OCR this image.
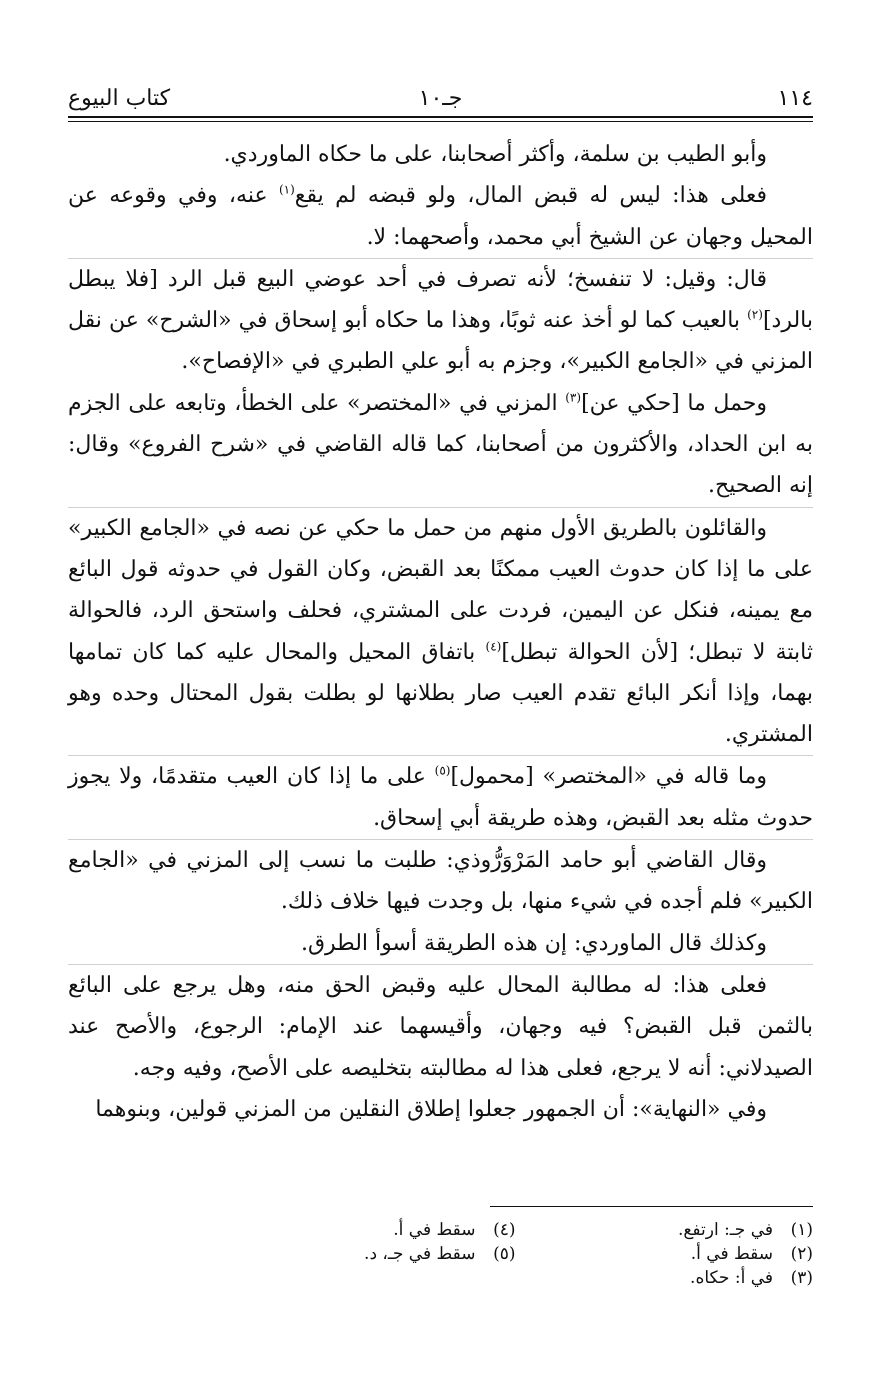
١١٤
جـ١٠
كتاب البيوع

وأبو الطيب بن سلمة، وأكثر أصحابنا، على ما حكاه الماوردي.

فعلى هذا: ليس له قبض المال، ولو قبضه لم يقع$^{(١)}$ عنه، وفي وقوعه عن المحيل وجهان عن الشيخ أبي محمد، وأصحهما: لا.

قال: وقيل: لا تنفسخ؛ لأنه تصرف في أحد عوضي البيع قبل الرد [فلا يبطل بالرد]$^{(٢)}$ بالعيب كما لو أخذ عنه ثوبًا، وهذا ما حكاه أبو إسحاق في «الشرح» عن نقل المزني في «الجامع الكبير»، وجزم به أبو علي الطبري في «الإفصاح».

وحمل ما [حكي عن]$^{(٣)}$ المزني في «المختصر» على الخطأ، وتابعه على الجزم به ابن الحداد، والأكثرون من أصحابنا، كما قاله القاضي في «شرح الفروع» وقال: إنه الصحيح.

والقائلون بالطريق الأول منهم من حمل ما حكي عن نصه في «الجامع الكبير» على ما إذا كان حدوث العيب ممكنًا بعد القبض، وكان القول في حدوثه قول البائع مع يمينه، فنكل عن اليمين، فردت على المشتري، فحلف واستحق الرد، فالحوالة ثابتة لا تبطل؛ [لأن الحوالة تبطل]$^{(٤)}$ باتفاق المحيل والمحال عليه كما كان تمامها بهما، وإذا أنكر البائع تقدم العيب صار بطلانها لو بطلت بقول المحتال وحده وهو المشتري.

وما قاله في «المختصر» [محمول]$^{(٥)}$ على ما إذا كان العيب متقدمًا، ولا يجوز حدوث مثله بعد القبض، وهذه طريقة أبي إسحاق.

وقال القاضي أبو حامد المَرْوَرُّوذي: طلبت ما نسب إلى المزني في «الجامع الكبير» فلم أجده في شيء منها، بل وجدت فيها خلاف ذلك.

وكذلك قال الماوردي: إن هذه الطريقة أسوأ الطرق.

فعلى هذا: له مطالبة المحال عليه وقبض الحق منه، وهل يرجع على البائع بالثمن قبل القبض؟ فيه وجهان، وأقيسهما عند الإمام: الرجوع، والأصح عند الصيدلاني: أنه لا يرجع، فعلى هذا له مطالبته بتخليصه على الأصح، وفيه وجه.

وفي «النهاية»: أن الجمهور جعلوا إطلاق النقلين من المزني قولين، وبنوهما

(١)
في جـ: ارتفع.
(٢)
سقط في أ.
(٣)
في أ: حكاه.
(٤)
سقط في أ.
(٥)
سقط في جـ، د.
